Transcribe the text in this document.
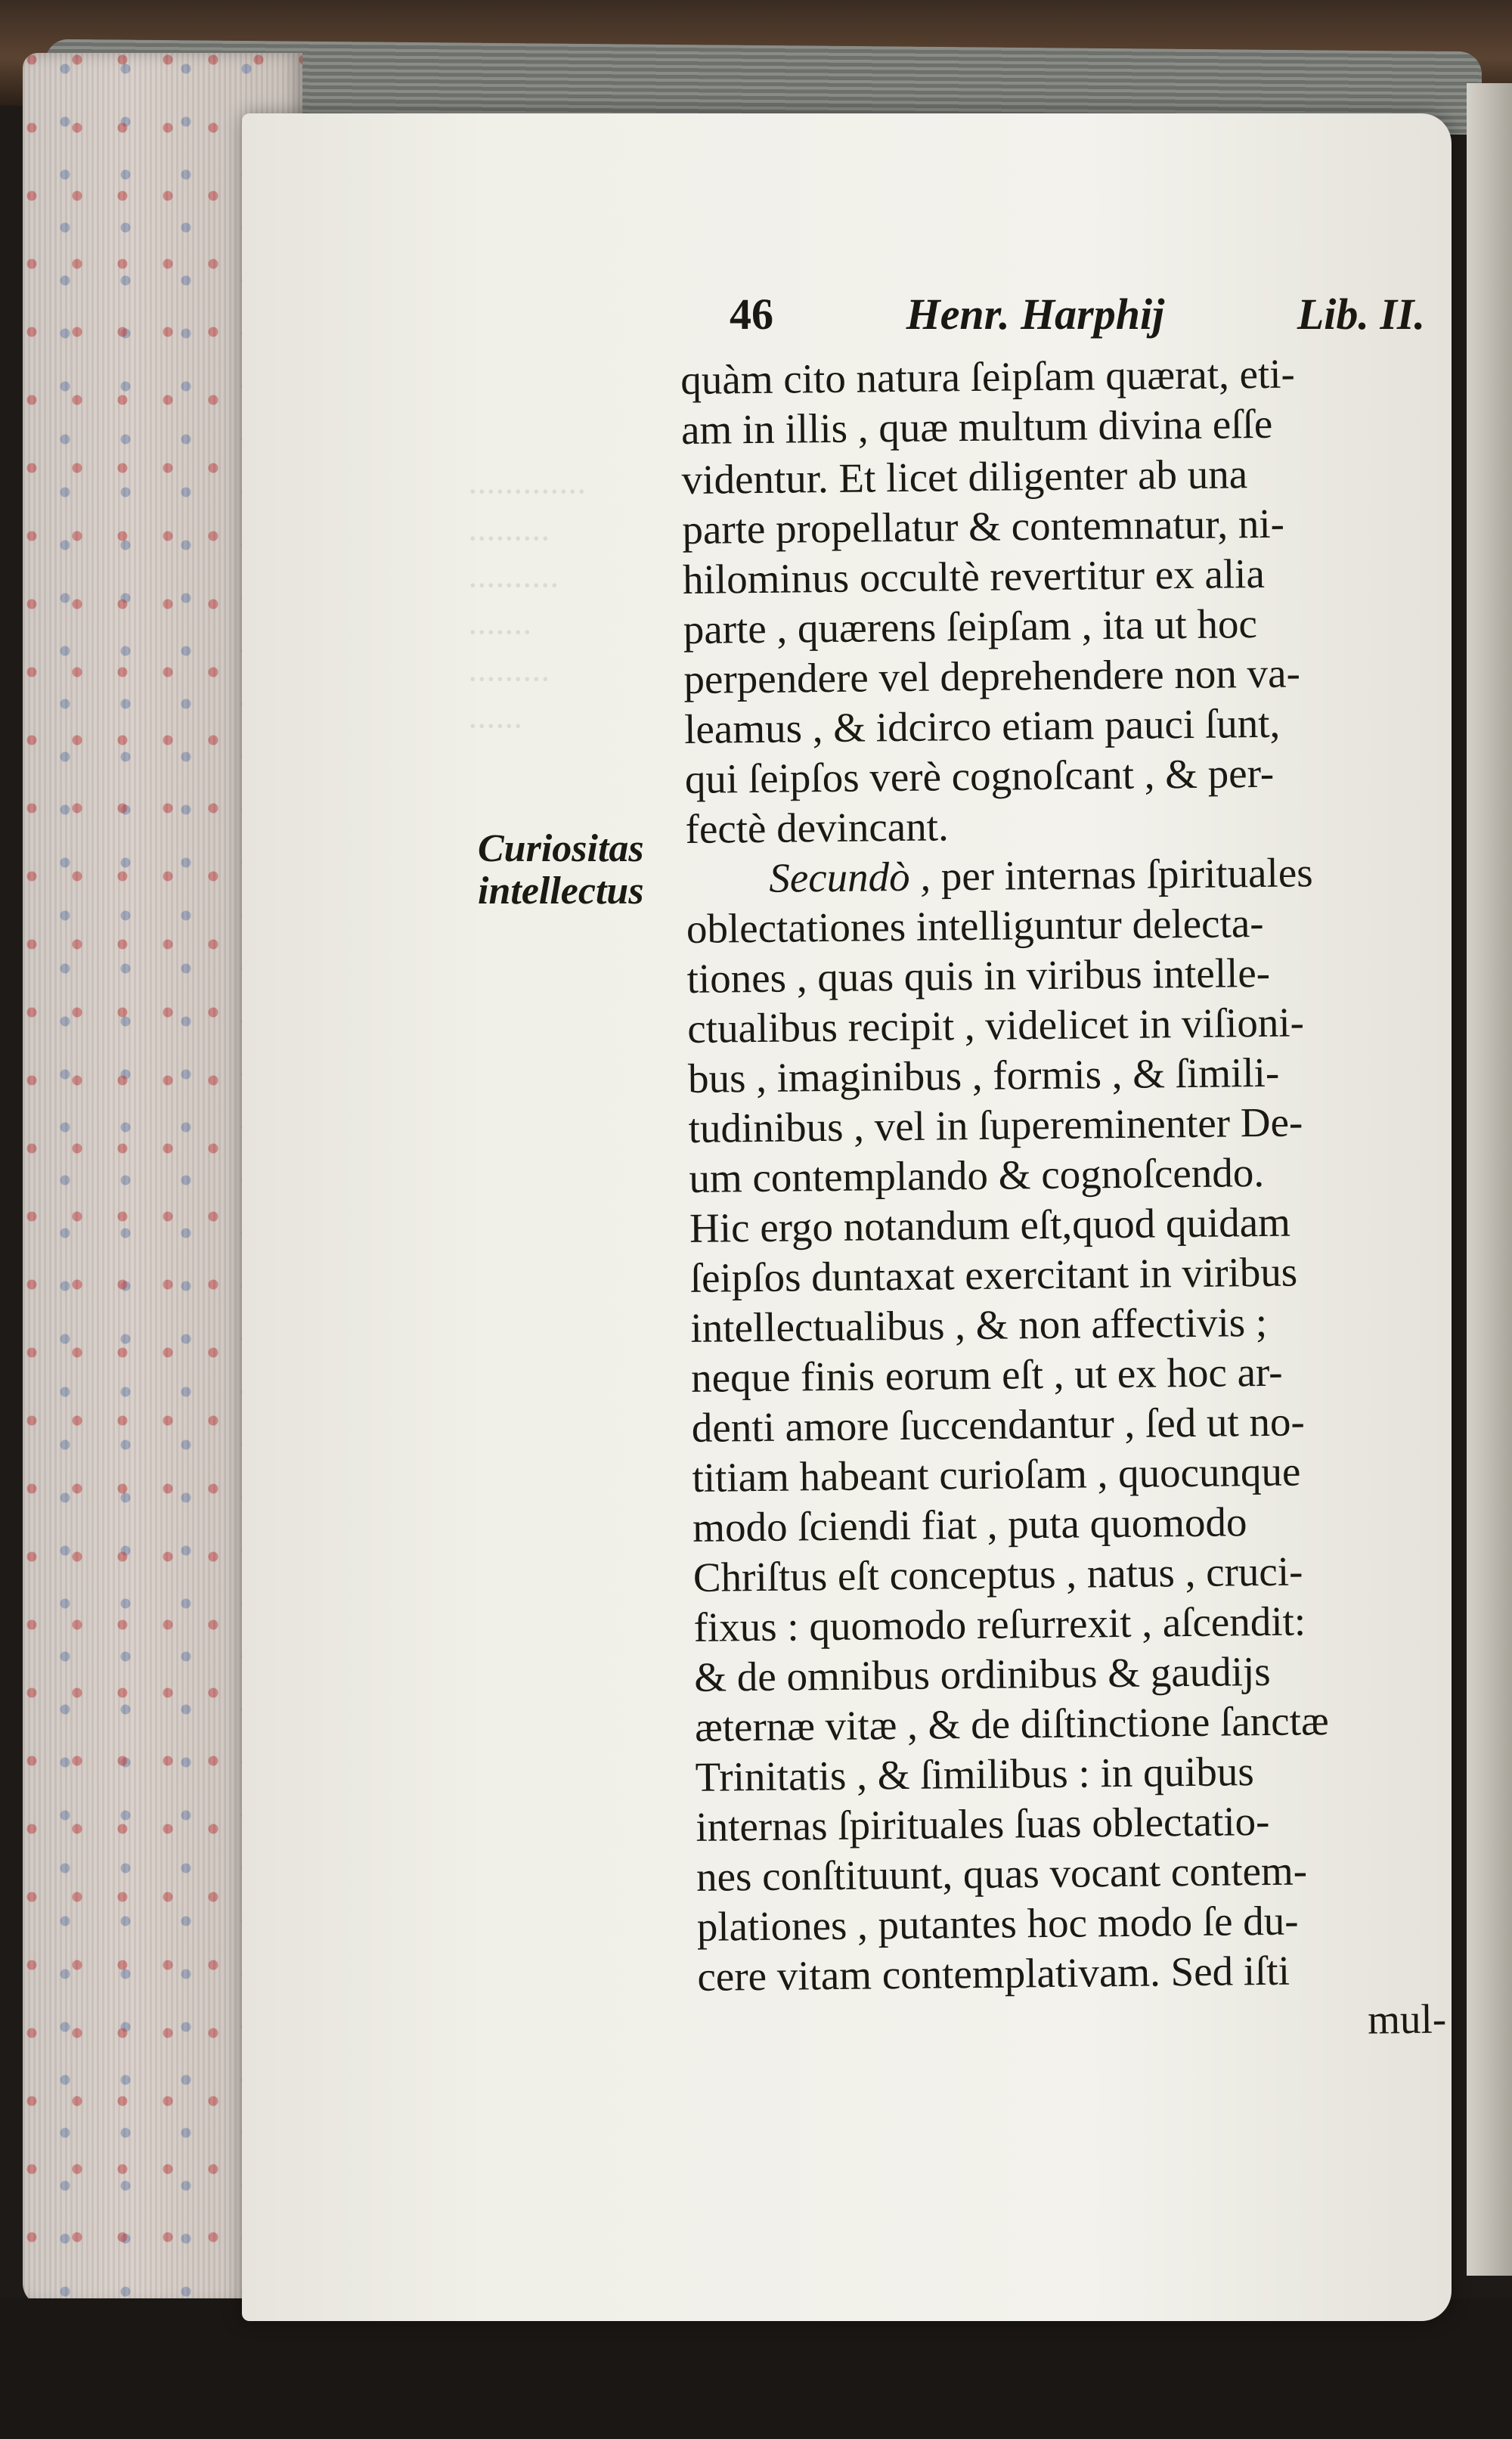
·············
·········
··········
·······
·········
······
46	Henr. Harphij	Lib. II.
Curiositas
intellectus
quàm cito natura ſeipſam quærat, eti-
am in illis , quæ multum divina eſſe
videntur. Et licet diligenter ab una
parte propellatur & contemnatur, ni-
hilominus occultè revertitur ex alia
parte , quærens ſeipſam , ita ut hoc
perpendere vel deprehendere non va-
leamus , & idcirco etiam pauci ſunt,
qui ſeipſos verè cognoſcant , & per-
fectè devincant.
Secundò , per internas ſpirituales
oblectationes intelliguntur delecta-
tiones , quas quis in viribus intelle-
ctualibus recipit , videlicet in viſioni-
bus , imaginibus , formis , & ſimili-
tudinibus , vel in ſupereminenter De-
um contemplando & cognoſcendo.
Hic ergo notandum eſt,quod quidam
ſeipſos duntaxat exercitant in viribus
intellectualibus , & non affectivis ;
neque finis eorum eſt , ut ex hoc ar-
denti amore ſuccendantur , ſed ut no-
titiam habeant curioſam , quocunque
modo ſciendi fiat , puta quomodo
Chriſtus eſt conceptus , natus , cruci-
fixus : quomodo reſurrexit , aſcendit:
& de omnibus ordinibus & gaudijs
æternæ vitæ , & de diſtinctione ſanctæ
Trinitatis , & ſimilibus : in quibus
internas ſpirituales ſuas oblectatio-
nes conſtituunt, quas vocant contem-
plationes , putantes hoc modo ſe du-
cere vitam contemplativam. Sed iſti
mul-
